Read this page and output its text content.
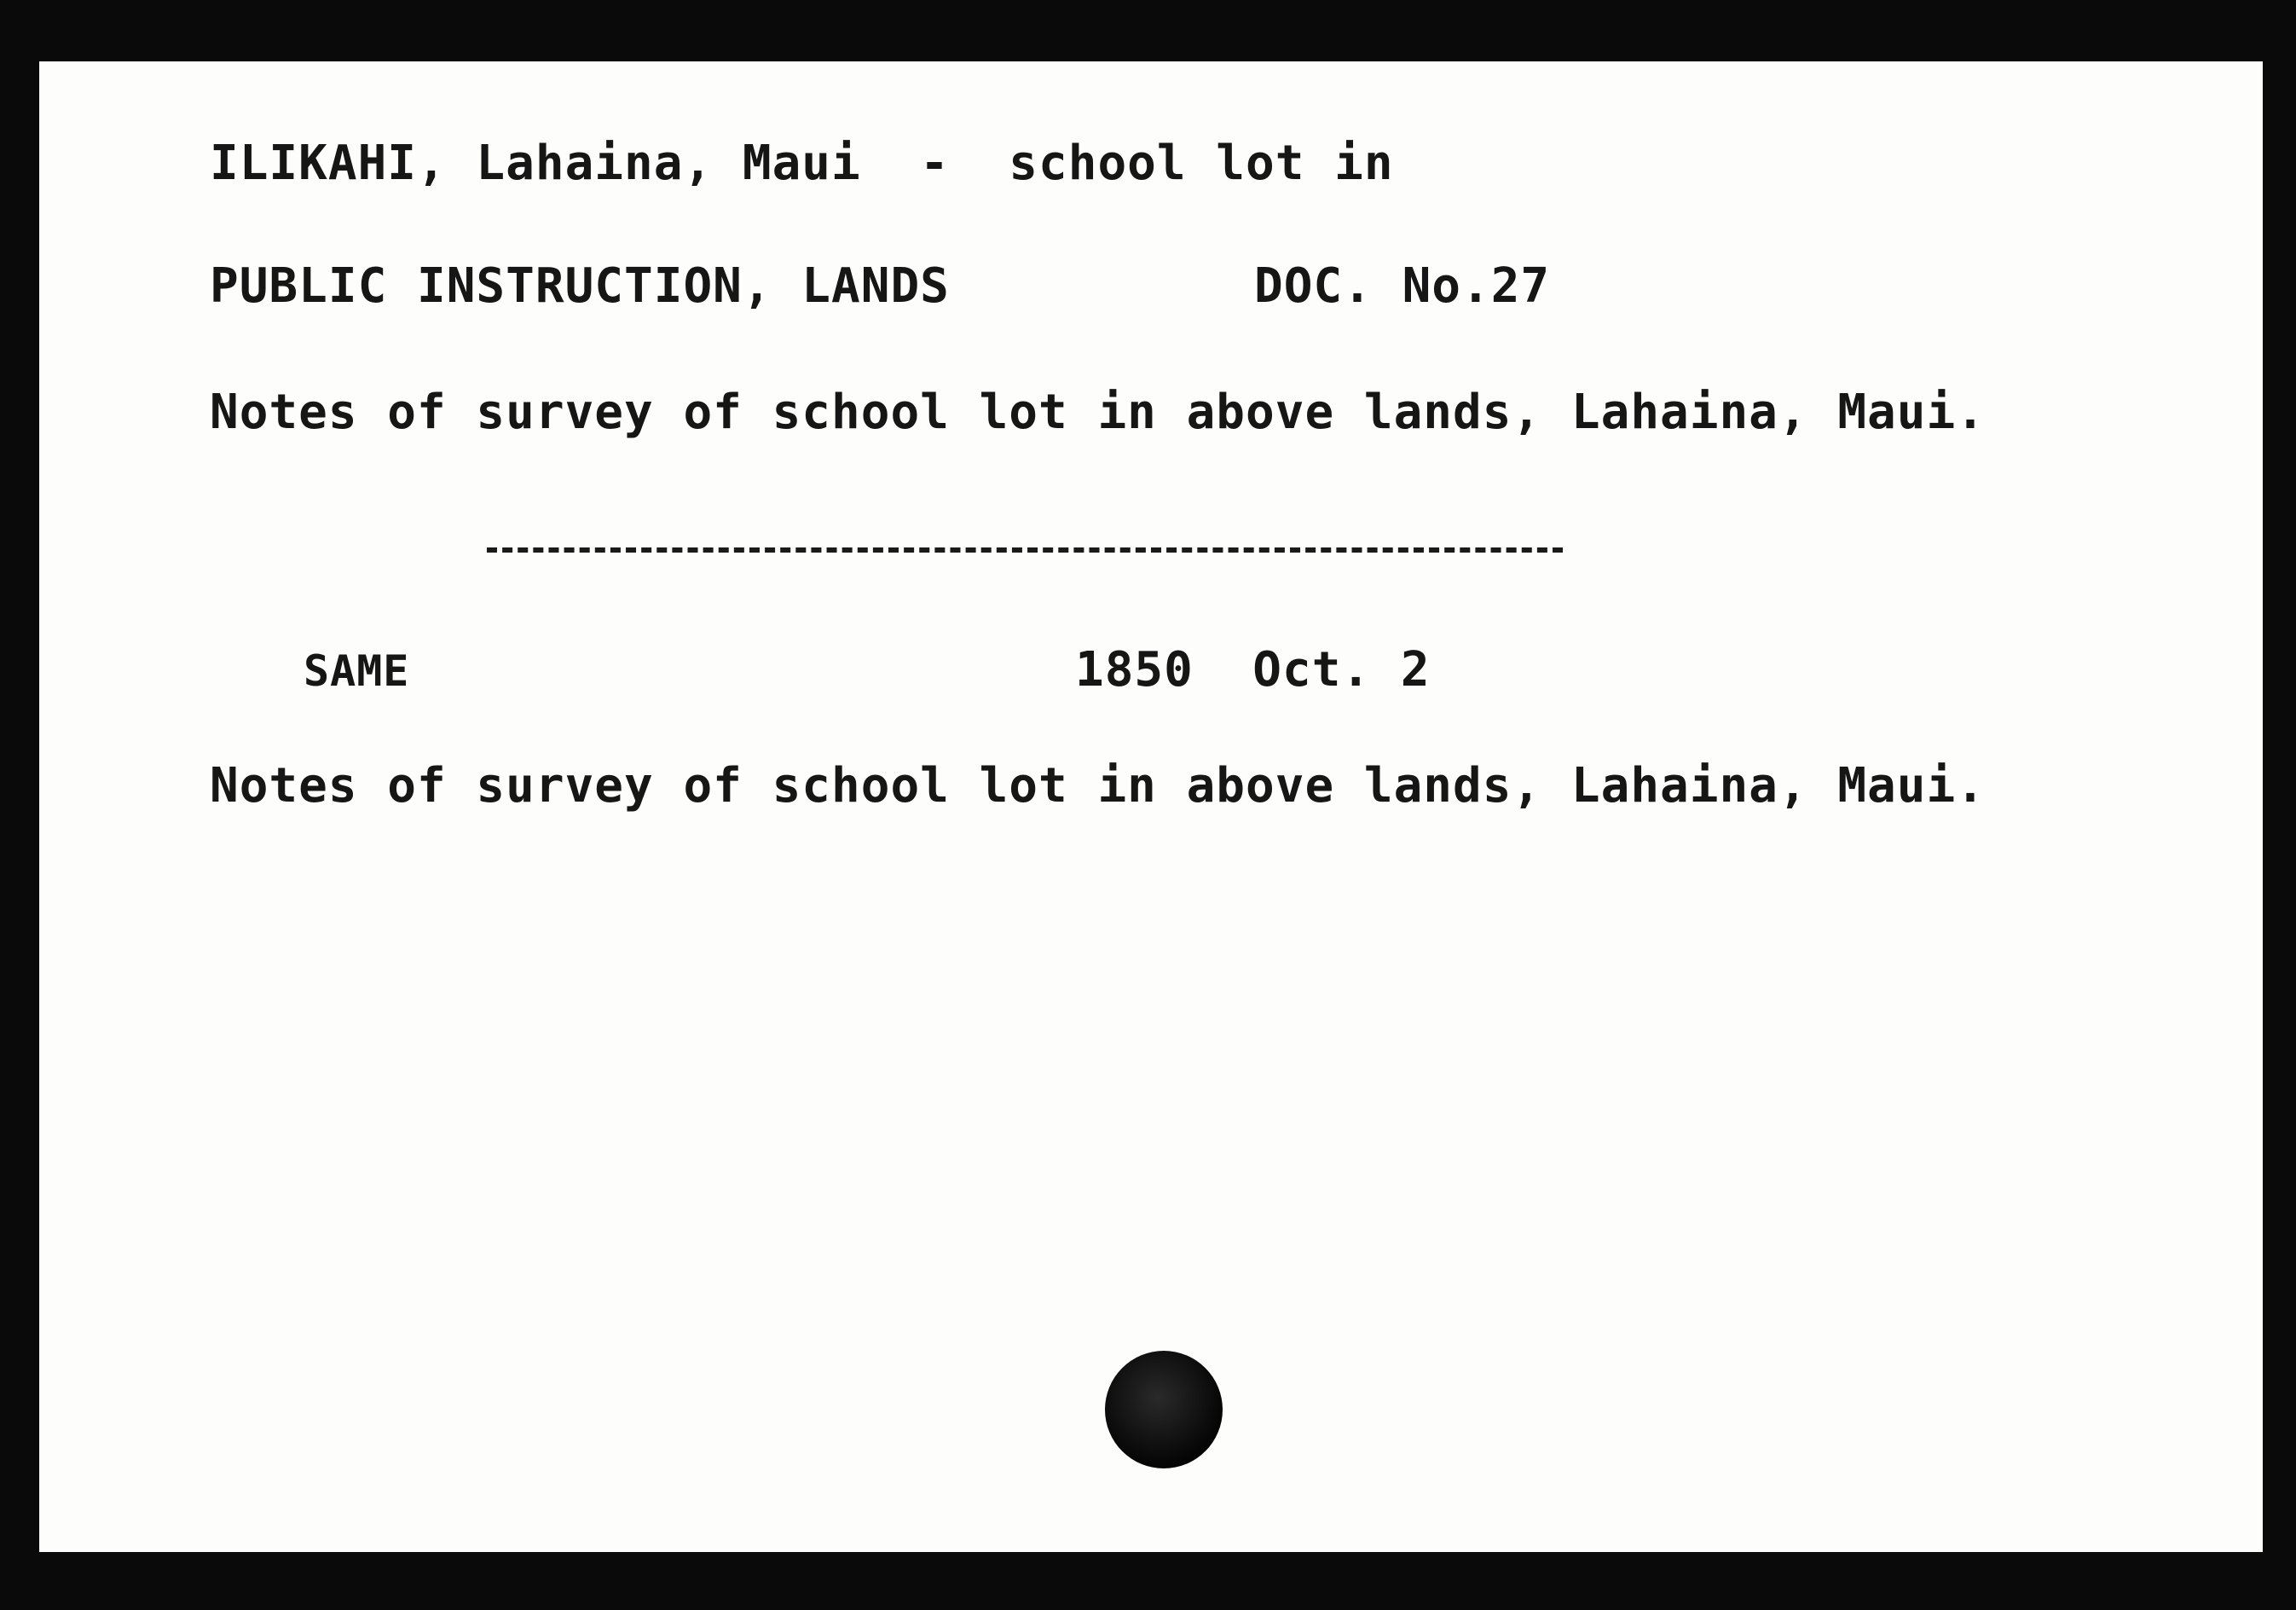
ILIKAHI, Lahaina, Maui  -  school lot in
PUBLIC INSTRUCTION, LANDS	DOC. No.27
Notes of survey of school lot in above lands, Lahaina, Maui.
SAME	1850  Oct. 2
Notes of survey of school lot in above lands, Lahaina, Maui.
